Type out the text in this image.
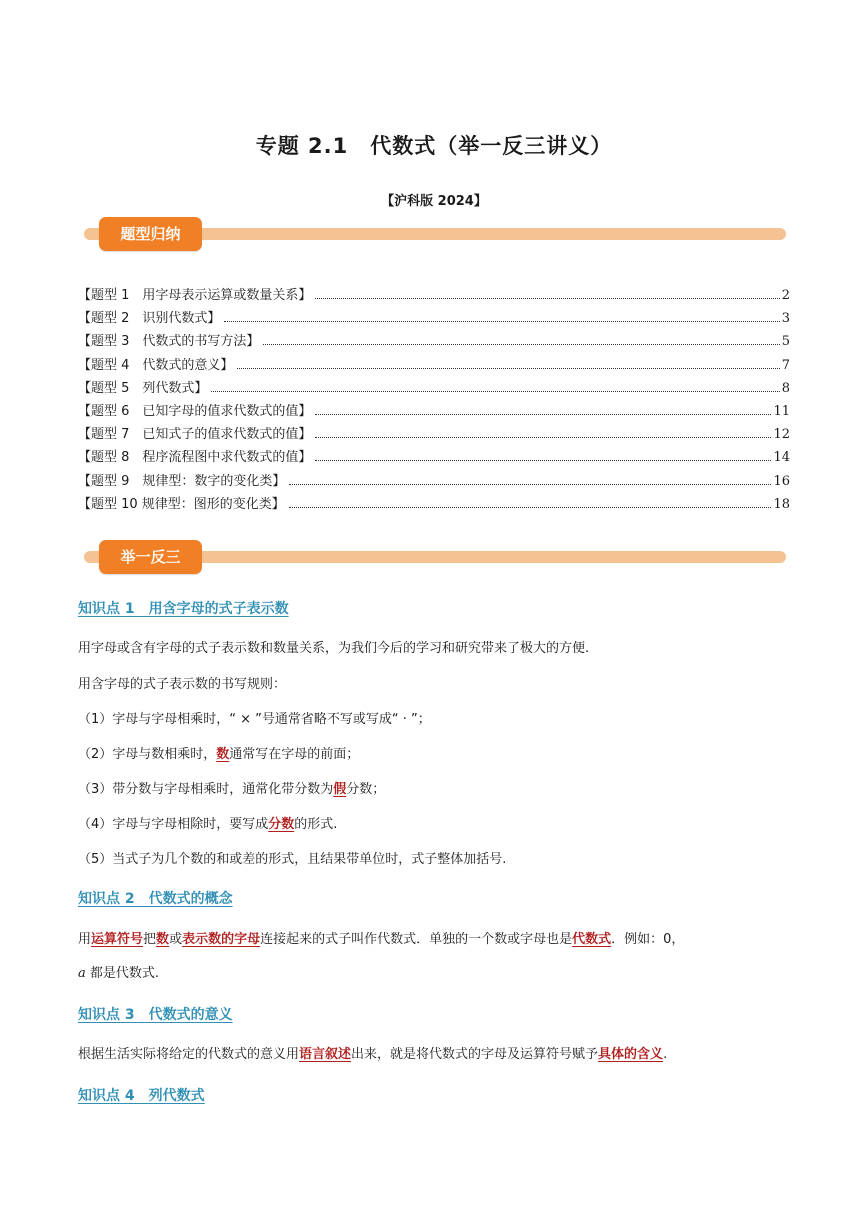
专题 2.1　代数式（举一反三讲义）
【沪科版 2024】
题型归纳
【题型 1　用字母表示运算或数量关系】	2
【题型 2　识别代数式】	3
【题型 3　代数式的书写方法】	5
【题型 4　代数式的意义】	7
【题型 5　列代数式】	8
【题型 6　已知字母的值求代数式的值】	11
【题型 7　已知式子的值求代数式的值】	12
【题型 8　程序流程图中求代数式的值】	14
【题型 9　规律型：数字的变化类】	16
【题型 10 规律型：图形的变化类】	18
举一反三
知识点 1　用含字母的式子表示数
用字母或含有字母的式子表示数和数量关系，为我们今后的学习和研究带来了极大的方便.
用含字母的式子表示数的书写规则：
（1）字母与字母相乘时，“ × ”号通常省略不写或写成“ · ”；
（2）字母与数相乘时，数通常写在字母的前面；
（3）带分数与字母相乘时，通常化带分数为假分数；
（4）字母与字母相除时，要写成分数的形式.
（5）当式子为几个数的和或差的形式，且结果带单位时，式子整体加括号.
知识点 2　代数式的概念
用运算符号把数或表示数的字母连接起来的式子叫作代数式．单独的一个数或字母也是代数式．例如：0，
a 都是代数式.
知识点 3　代数式的意义
根据生活实际将给定的代数式的意义用语言叙述出来，就是将代数式的字母及运算符号赋予具体的含义.
知识点 4　列代数式
